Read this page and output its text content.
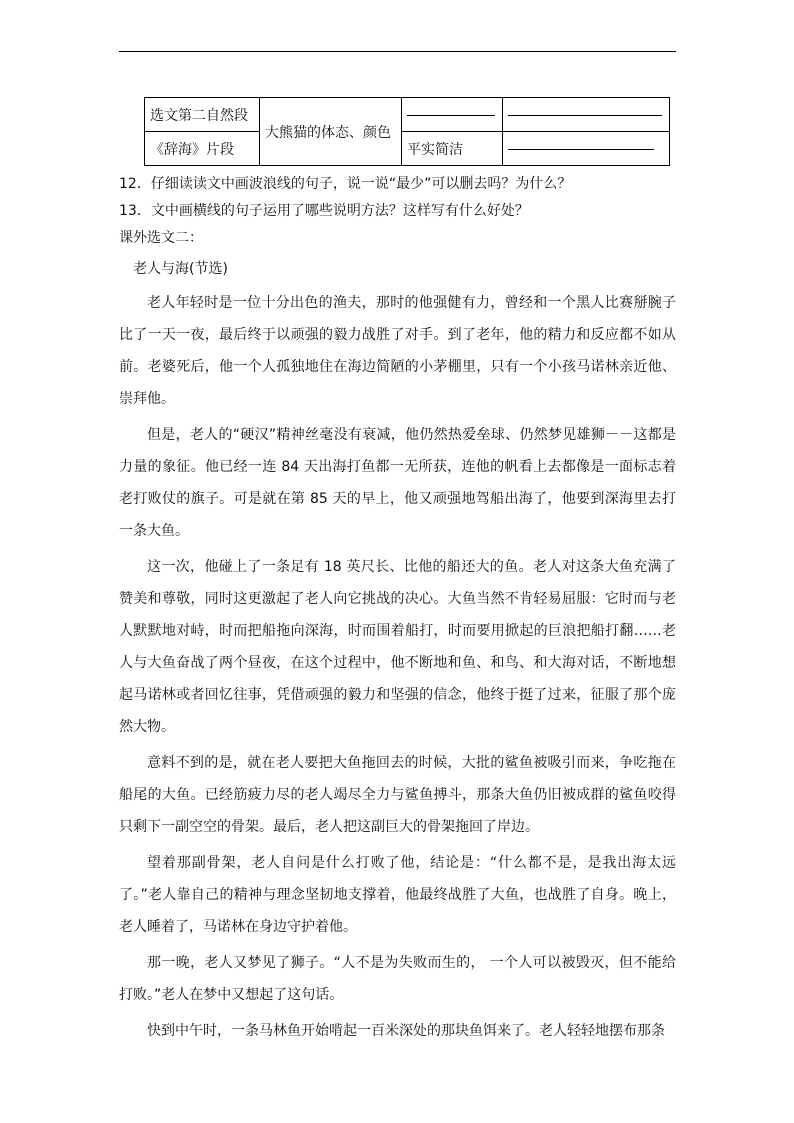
选文第二自然段	大熊猫的体态、颜色		
《辞海》片段		平实简洁	

12．仔细读读文中画波浪线的句子，说一说“最少”可以删去吗？为什么？

13．文中画横线的句子运用了哪些说明方法？这样写有什么好处？

课外选文二：

老人与海(节选)

老人年轻时是一位十分出色的渔夫，那时的他强健有力，曾经和一个黑人比赛掰腕子比了一天一夜，最后终于以顽强的毅力战胜了对手。到了老年，他的精力和反应都不如从前。老婆死后，他一个人孤独地住在海边简陋的小茅棚里，只有一个小孩马诺林亲近他、崇拜他。

但是，老人的“硬汉”精神丝毫没有衰减，他仍然热爱垒球、仍然梦见雄狮－－这都是力量的象征。他已经一连 84 天出海打鱼都一无所获，连他的帆看上去都像是一面标志着老打败仗的旗子。可是就在第 85 天的早上，他又顽强地驾船出海了，他要到深海里去打一条大鱼。

这一次，他碰上了一条足有 18 英尺长、比他的船还大的鱼。老人对这条大鱼充满了赞美和尊敬，同时这更激起了老人向它挑战的决心。大鱼当然不肯轻易屈服：它时而与老人默默地对峙，时而把船拖向深海，时而围着船打，时而要用掀起的巨浪把船打翻……老人与大鱼奋战了两个昼夜，在这个过程中，他不断地和鱼、和鸟、和大海对话，不断地想起马诺林或者回忆往事，凭借顽强的毅力和坚强的信念，他终于挺了过来，征服了那个庞然大物。

意料不到的是，就在老人要把大鱼拖回去的时候，大批的鲨鱼被吸引而来，争吃拖在船尾的大鱼。已经筋疲力尽的老人竭尽全力与鲨鱼搏斗，那条大鱼仍旧被成群的鲨鱼咬得只剩下一副空空的骨架。最后，老人把这副巨大的骨架拖回了岸边。

望着那副骨架，老人自问是什么打败了他，结论是：“什么都不是，是我出海太远了。”老人靠自己的精神与理念坚韧地支撑着，他最终战胜了大鱼，也战胜了自身。晚上，老人睡着了，马诺林在身边守护着他。

那一晚，老人又梦见了狮子。“人不是为失败而生的， 一个人可以被毁灭，但不能给打败。”老人在梦中又想起了这句话。

快到中午时，一条马林鱼开始啃起一百米深处的那块鱼饵来了。老人轻轻地摆布那条
